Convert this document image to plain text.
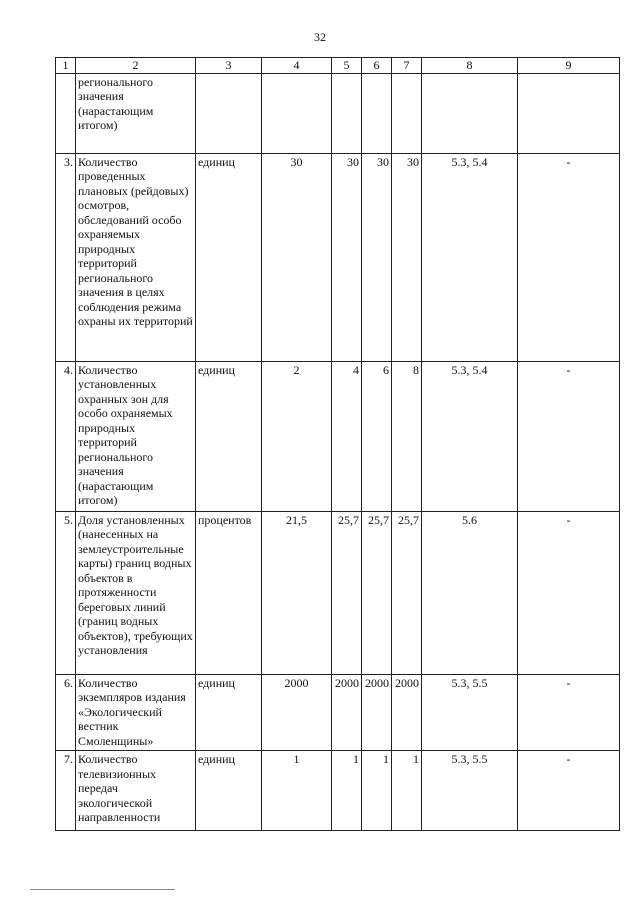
32
1	2	3	4	5	6	7	8	9
	регионального значения (нарастающим итогом)							
3.	Количество проведенных плановых (рейдовых) осмотров, обследований особо охраняемых природных территорий регионального значения в целях соблюдения режима охраны их территорий	единиц	30	30	30	30	5.3, 5.4	-
4.	Количество установленных охранных зон для особо охраняемых природных территорий регионального значения (нарастающим итогом)	единиц	2	4	6	8	5.3, 5.4	-
5.	Доля установленных (нанесенных на землеустроительные карты) границ водных объектов в протяженности береговых линий (границ водных объектов), требующих установления	процентов	21,5	25,7	25,7	25,7	5.6	-
6.	Количество экземпляров издания «Экологический вестник Смоленщины»	единиц	2000	2000	2000	2000	5.3, 5.5	-
7.	Количество телевизионных передач экологической направленности	единиц	1	1	1	1	5.3, 5.5	-
